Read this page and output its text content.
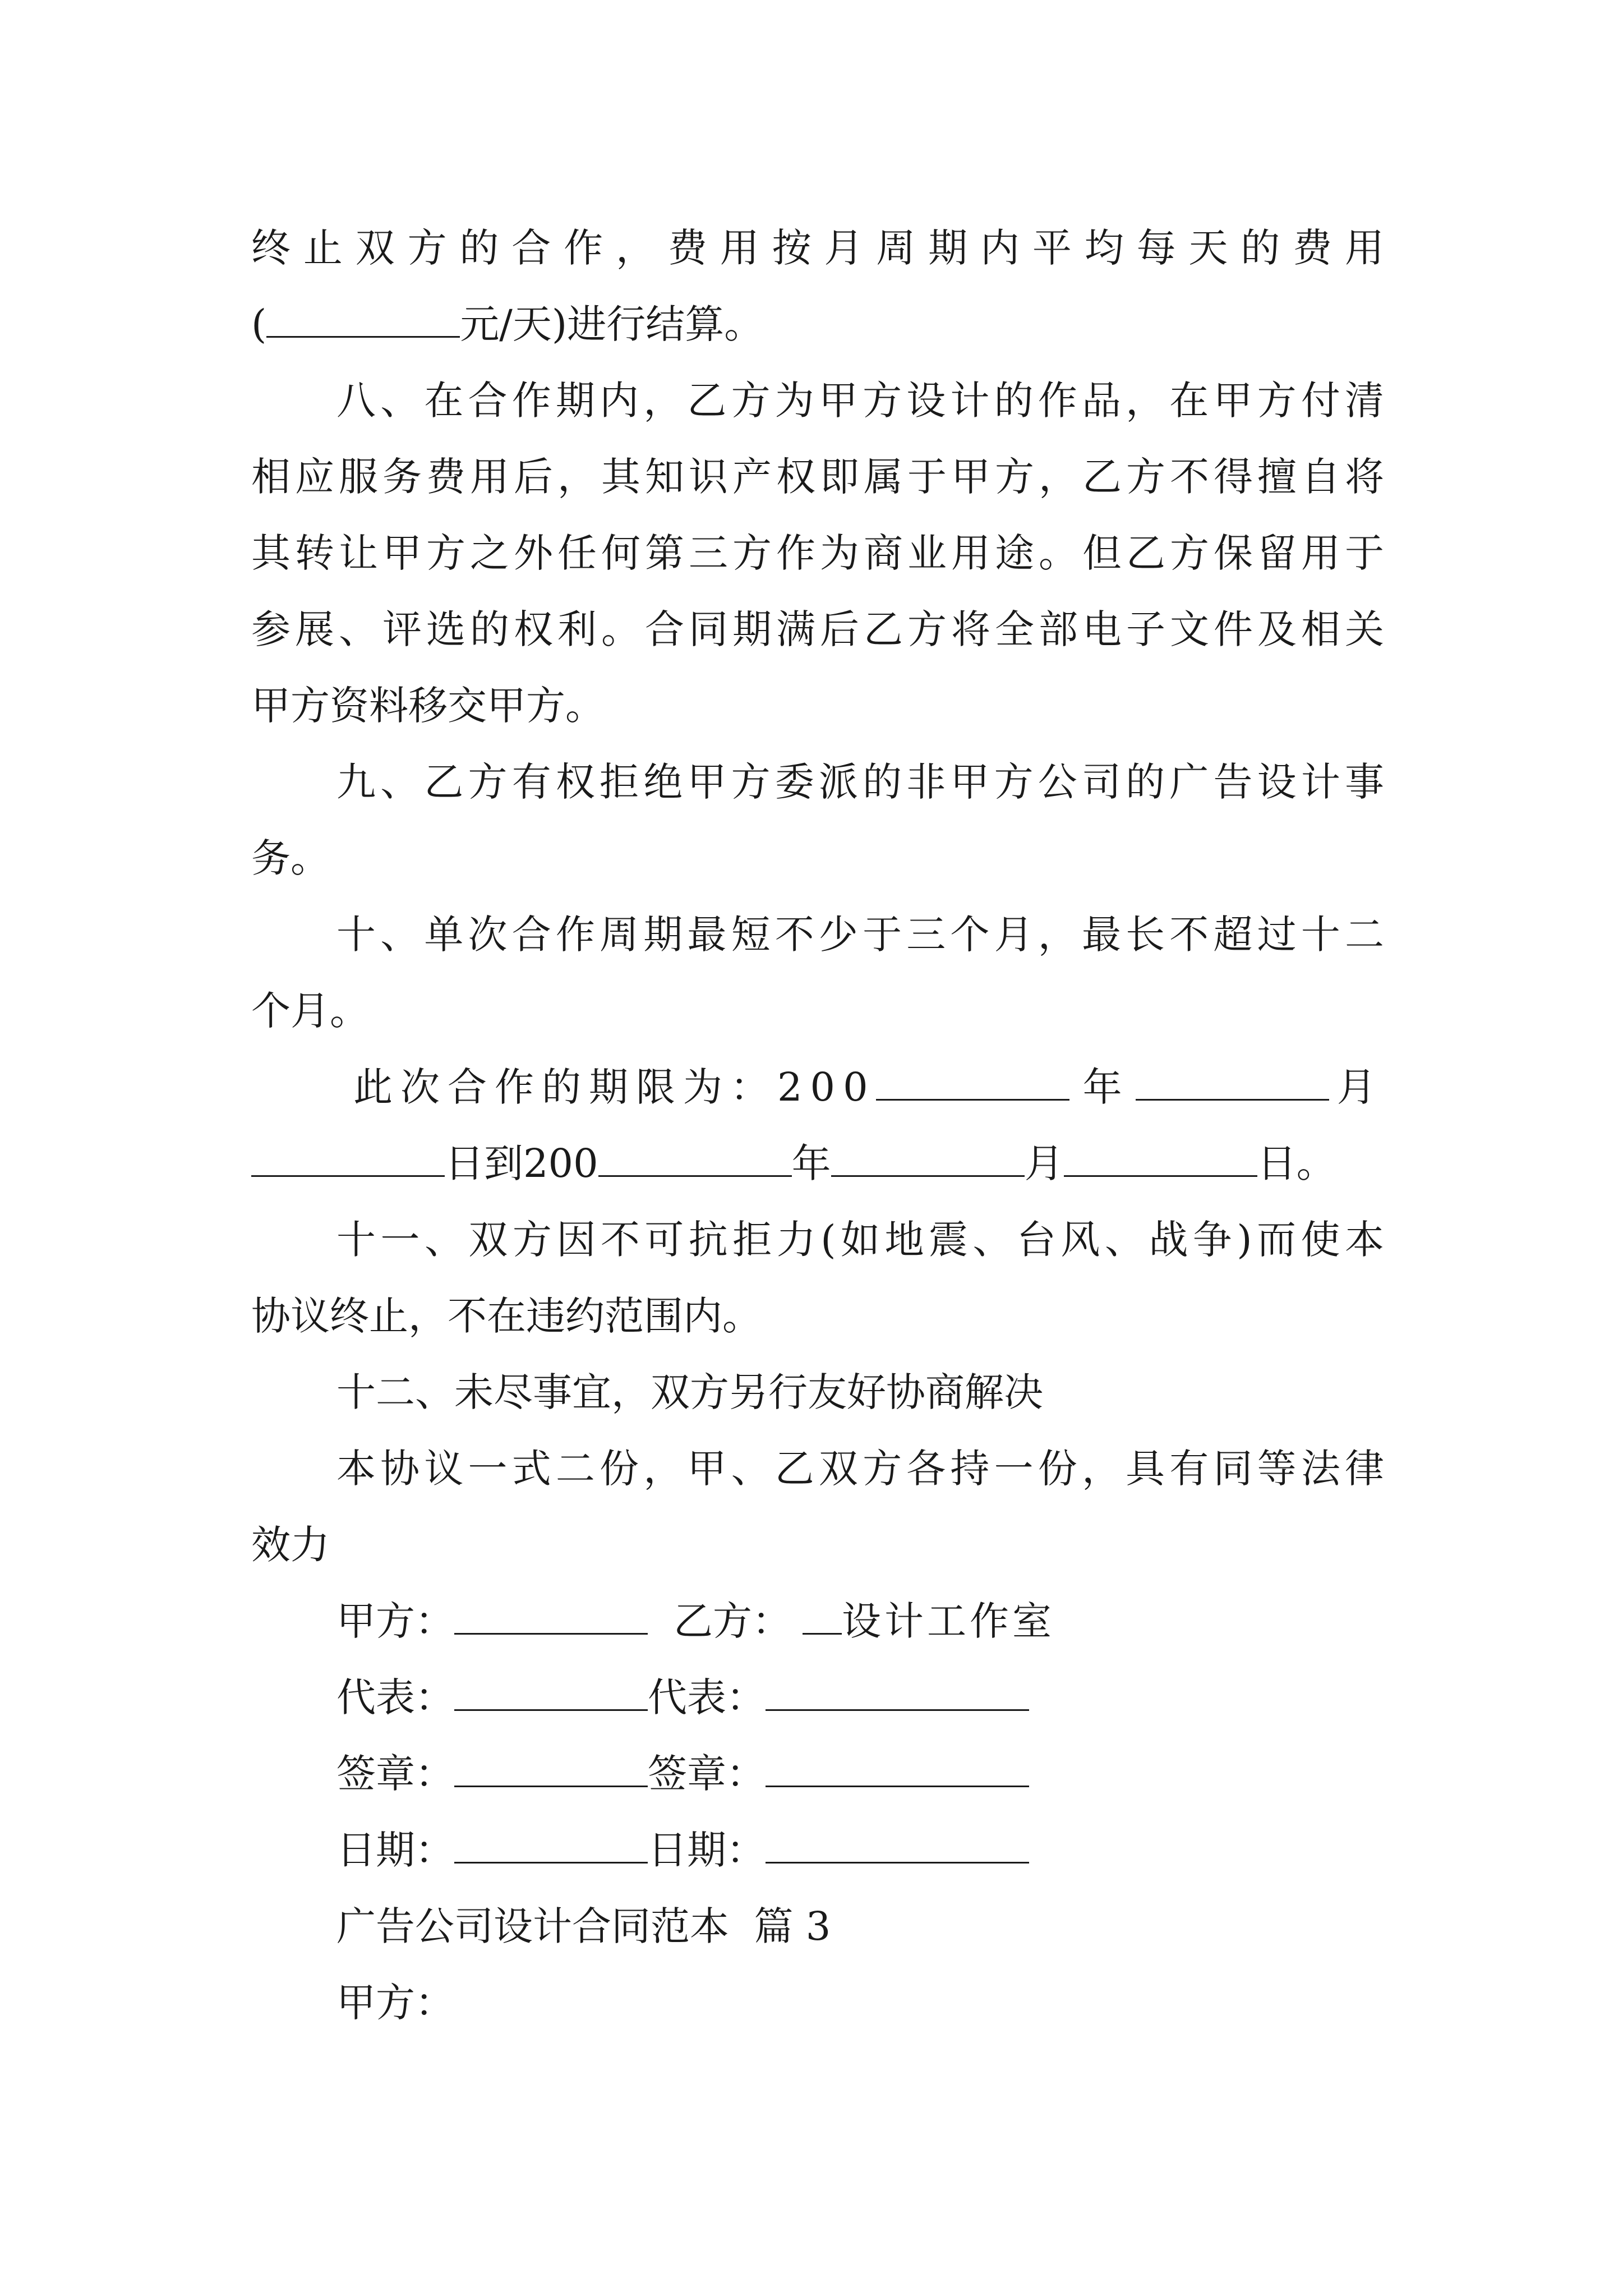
终止双方的合作，费用按月周期内平均每天的费用
(	元/天)进行结算。
八、在合作期内，乙方为甲方设计的作品，在甲方付清
相应服务费用后，其知识产权即属于甲方，乙方不得擅自将
其转让甲方之外任何第三方作为商业用途。但乙方保留用于
参展、评选的权利。合同期满后乙方将全部电子文件及相关
甲方资料移交甲方。
九、乙方有权拒绝甲方委派的非甲方公司的广告设计事
务。
十、单次合作周期最短不少于三个月，最长不超过十二
个月。
此次合作的期限为：200	年	月
日到200	年	月	日。
十一、双方因不可抗拒力(如地震、台风、战争)而使本
协议终止，不在违约范围内。
十二、未尽事宜，双方另行友好协商解决
本协议一式二份，甲、乙双方各持一份，具有同等法律
效力
甲方：	乙方： 设计工作室
代表：	代表：
签章：	签章：
日期：	日期：
广告公司设计合同范本  篇 3
甲方：
